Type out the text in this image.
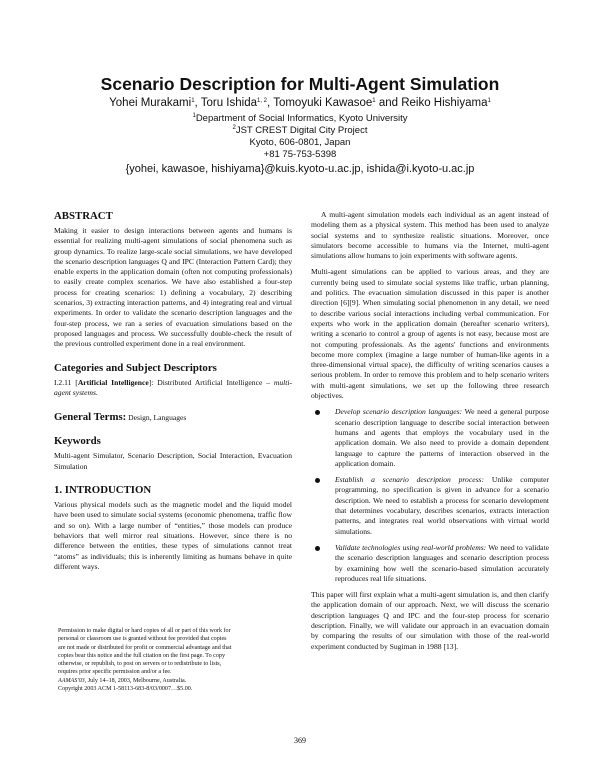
Scenario Description for Multi-Agent Simulation
Yohei Murakami$^1$, Toru Ishida$^{1, 2}$, Tomoyuki Kawasoe$^1$ and Reiko Hishiyama$^1$
$^1$Department of Social Informatics, Kyoto University
$^2$JST CREST Digital City Project
Kyoto, 606-0801, Japan
+81 75-753-5398
{yohei, kawasoe, hishiyama}@kuis.kyoto-u.ac.jp, ishida@i.kyoto-u.ac.jp
ABSTRACT

Making it easier to design interactions between agents and humans is essential for realizing multi-agent simulations of social phenomena such as group dynamics. To realize large-scale social simulations, we have developed the scenario description languages Q and IPC (Interaction Pattern Card); they enable experts in the application domain (often not computing professionals) to easily create complex scenarios. We have also established a four-step process for creating scenarios: 1) defining a vocabulary, 2) describing scenarios, 3) extracting interaction patterns, and 4) integrating real and virtual experiments. In order to validate the scenario description languages and the four-step process, we ran a series of evacuation simulations based on the proposed languages and process. We successfully double-check the result of the previous controlled experiment done in a real environment.

Categories and Subject Descriptors

I.2.11 [Artificial Intelligence]: Distributed Artificial Intelligence – multi-agent systems.

General Terms: Design, Languages

Keywords

Multi-agent Simulator, Scenario Description, Social Interaction, Evacuation Simulation

1. INTRODUCTION

Various physical models such as the magnetic model and the liquid model have been used to simulate social systems (economic phenomena, traffic flow and so on). With a large number of “entities,” those models can produce behaviors that well mirror real situations. However, since there is no difference between the entities, these types of simulations cannot treat “atoms” as individuals; this is inherently limiting as humans behave in quite different ways.

Permission to make digital or hard copies of all or part of this work for
personal or classroom use is granted without fee provided that copies
are not made or distributed for profit or commercial advantage and that
copies bear this notice and the full citation on the first page. To copy
otherwise, or republish, to post on servers or to redistribute to lists,
requires prior specific permission and/or a fee.
AAMAS'03, July 14–18, 2003, Melbourne, Australia.
Copyright 2003 ACM 1-58113-683-8/03/0007…$5.00.

A multi-agent simulation models each individual as an agent instead of modeling them as a physical system. This method has been used to analyze social systems and to synthesize realistic situations. Moreover, once simulators become accessible to humans via the Internet, multi-agent simulations allow humans to join experiments with software agents.

Multi-agent simulations can be applied to various areas, and they are currently being used to simulate social systems like traffic, urban planning, and politics. The evacuation simulation discussed in this paper is another direction [6][9]. When simulating social phenomenon in any detail, we need to describe various social interactions including verbal communication. For experts who work in the application domain (hereafter scenario writers), writing a scenario to control a group of agents is not easy, because most are not computing professionals. As the agents' functions and environments become more complex (imagine a large number of human-like agents in a three-dimensional virtual space), the difficulty of writing scenarios causes a serious problem. In order to remove this problem and to help scenario writers with multi-agent simulations, we set up the following three research objectives.

Develop scenario description languages: We need a general purpose scenario description language to describe social interaction between humans and agents that employs the vocabulary used in the application domain. We also need to provide a domain dependent language to capture the patterns of interaction observed in the application domain.
Establish a scenario description process: Unlike computer programming, no specification is given in advance for a scenario description. We need to establish a process for scenario development that determines vocabulary, describes scenarios, extracts interaction patterns, and integrates real world observations with virtual world simulations.
Validate technologies using real-world problems: We need to validate the scenario description languages and scenario description process by examining how well the scenario-based simulation accurately reproduces real life situations.

This paper will first explain what a multi-agent simulation is, and then clarify the application domain of our approach. Next, we will discuss the scenario description languages Q and IPC and the four-step process for scenario description. Finally, we will validate our approach in an evacuation domain by comparing the results of our simulation with those of the real-world experiment conducted by Sugiman in 1988 [13].

369
